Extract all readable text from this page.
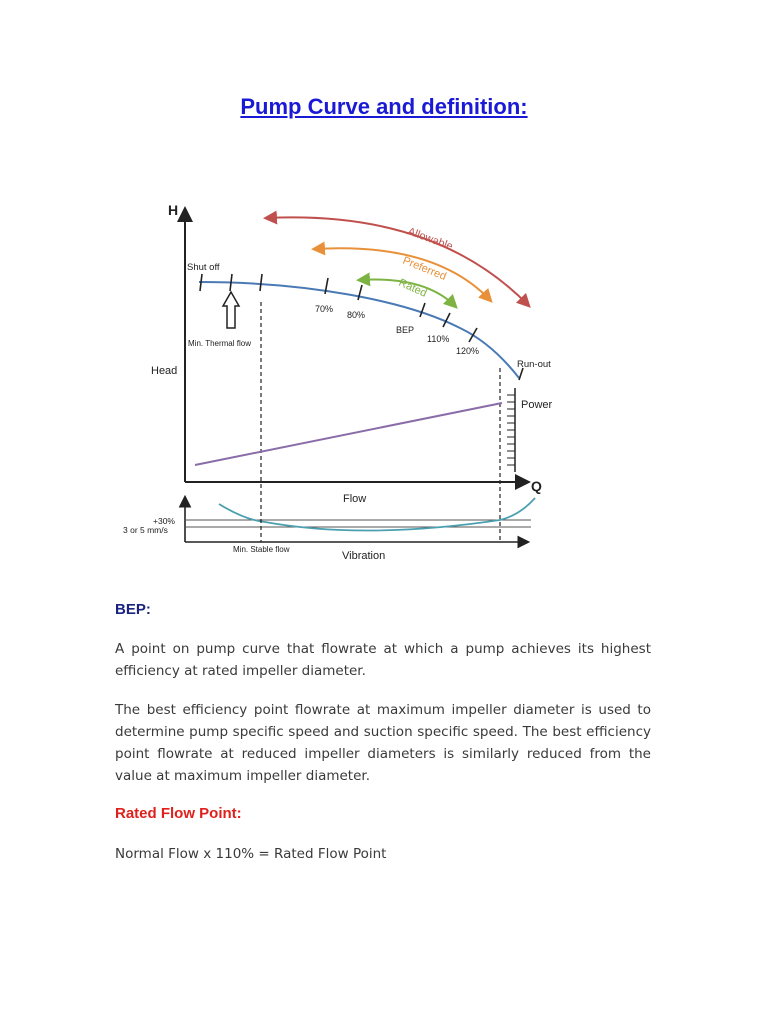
Pump Curve and definition:
H
Q
Head
Flow
Vibration
Power
Shut off
Min. Thermal flow
Min. Stable flow
Run-out
BEP
70%
80%
110%
120%
+30%
3 or 5 mm/s
Allowable
Preferred
Rated
BEP:

A point on pump curve that flowrate at which a pump achieves its highest efficiency at rated impeller diameter.

The best efficiency point flowrate at maximum impeller diameter is used to determine pump specific speed and suction specific speed. The best efficiency point flowrate at reduced impeller diameters is similarly reduced from the value at maximum impeller diameter.

Rated Flow Point:

Normal Flow x 110% = Rated Flow Point
